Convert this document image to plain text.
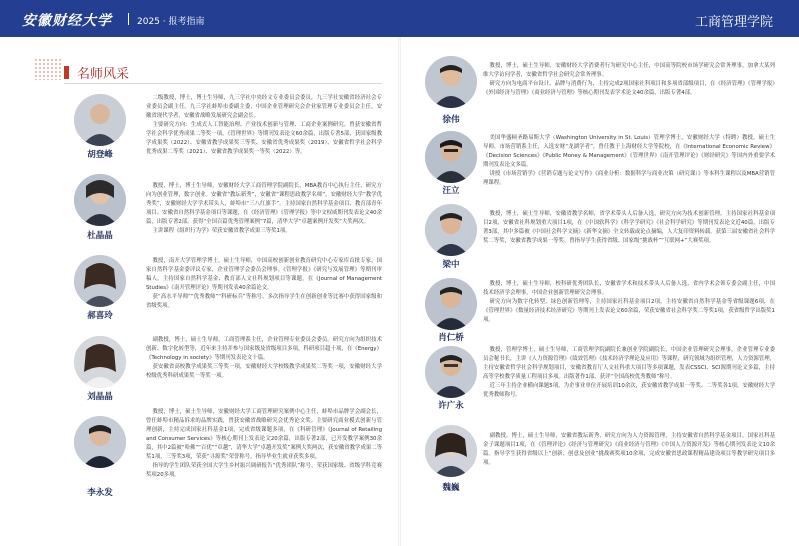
安徽财经大学	2025 · 报考指南	工商管理学院
名师风采
胡登峰

二级教授，博士，博士生导师，九三学社中央经文专业委员会委员，九三学社安徽省经济社会专业委员会副主任。九三学社蚌埠市委副主委，中国企业管理研究会企业家管理专业委员会主任，安徽省现代学者，安徽省战略发展研究会副会长。

主要研究方向：生成式人工智能治理、产业技术创新与管理、工商企业案例研究。曾获安徽省哲学社会科学优秀成果二等奖一项，《管理世界》等期刊发表论文60余篇，出版专著5部，获国家级教学成果奖（2022）、安徽省教学成果奖三等奖、安徽省优秀成果奖（2019）、安徽省哲学社会科学优秀成果二等奖（2021）、安徽省教学成果奖一等奖（2022）等。

杜晶晶

教授，博士，博士生导师，安徽财经大学工商管理学院副院长，MBA教育中心执行主任，研究方向为创业管理，数字创业。安徽省“教坛新秀”，安徽省“课程思政教学名师”，安徽财经大学“教学优秀奖”，安徽财经大学学术带头人，蚌埠市“三八红旗手”。主持国家自然科学基金项目、教育部青年项目、安徽省自然科学基金项目等课题，在《经济管理》《管理学报》等中文权威期刊发表论文40余篇，出版专著2部。获得“全国百篇优秀管理案例”7篇，清华大学“卓越案例开发奖”大奖两次。

主讲课程《组织行为学》荣获安徽省教学成果三等奖1项。

郝喜玲

教授，南开大学管理学博士，硕士生导师，中国高校创新创业教育研究中心专家库首批专家，国家自然科学基金委评议专家，企业管理学会委员会理事。《管理学报》《研究与发展管理》等期刊审稿人，主持国家自然科学基金、教育部人文社科规划项目等课题，在《Journal of Management Studies》《南开管理评论》等期刊发表40余篇论文。

获“高水平导师”“优秀教师”“科研标兵”等称号，多次指导学生在创新创业等比赛中获得国家级和省级奖项。

刘晶晶

副教授，博士，硕士生导师，工商管理系主任，企业管理专业委员会委员。研究方向为组织技术创新、数字化转型等，近年来主持并参与国家级及省级项目多项，科研项目超十项，在《Energy》《Technology in society》等期刊发表论文十篇。

获安徽省高校教学成果奖三等奖一项，安徽财经大学校级教学成果奖二等奖一项，安徽财经大学校级优秀科研成果奖一等奖一项。

李永发

教授，博士，硕士生导师，安徽财经大学工商管理研究案例中心主任，蚌埠市品牌学会副会长，曾任蚌埠市精品诉求的品牌实践，曾获安徽省战略研究会优秀论文奖。主要研究商业模式创新与管理创新，主持完成国家社科基金1项，完成省级课题多项，在《科研管理》《Journal of Retailing and Consumer Services》等核心期刊上发表论文20余篇，出版专著2部，已开发教学案例30余篇，其中2篇被“哈佛”“百优”“卓越”，清华大学“卓越开发奖”案例大奖两次，获安徽省教学成果二等奖1项，三等奖3项，荣获“寻源奖”荣誉称号，指导毕业生就业获奖多项。

指导的学生团队荣获全国大学生乡村振兴调研报告“优秀团队”称号，荣获国家级、省级学科竞赛奖项20多项。

徐伟

教授，博士，硕士生导师，安徽财经大学消费者行为研究中心主任，中国高等院校市场学研究会常务理事，加拿大某列维大学访问学者，安徽省哲学社会研究会常务理事。

研究方向为电商平台设计、品牌与消费行为，主持完成2项国家社科项目和多项省部级项目，在《经济管理》《管理学报》《外国经济与管理》《商业经济与管理》等核心期刊发表学术论文40余篇，出版专著4部。

汪立

美国华盛顿圣路易斯大学（Washington University in St. Louis）管理学博士，安徽财经大学（特聘）教授，硕士生导师，市场营销系主任，入选安财“龙湖学者”，曾任教于上海财经大学等院校，在《International Economic Review》《Decision Sciences》《Public Money & Management》《管理世界》《南开管理评论》《财经研究》等国内外重要学术期刊发表论文多篇。

讲授《市场营销学》《营销专题与论文写作》《商业分析：数据科学与商业决策（研究课）》等本科生课程以及MBA营销管理课程。

梁中

教授，博士，硕士生导师，安徽省教学名师，省学术带头人后备人选，研究方向为技术创新管理，主持国家社科基金项目2项，安徽省社科规划重大项目1项，在《中国软科学》《科学学研究》《社会科学研究》等期刊发表论文近40篇，出版专著3部，其中多篇被《中国社会科学文摘》《新华文摘》全文转载或论点摘编，人大复印资料转载。获第三届安徽省社会科学奖二等奖，安徽省教学成果一等奖。曾指导学生获得省级、国家级“挑战杯”“互联网+”大赛奖项。

肖仁桥

教授，博士，硕士生导师，校科研优秀团队长，安徽省学术和技术带头人后备人选，省内学术会领专委会副主任，中国技术经济学会理事，中国企业创新管理研究会理事。

研究方向为数字化转型、绿色创新管理等，主持国家社科基金项目2项，主持安徽省自然科学基金等省级课题6项，在《管理世界》《数量经济技术经济研究》等期刊上发表论文60余篇，荣获安徽省社会科学奖二等奖1项，获省级哲学出版奖1项。

许广永

教授，管理学博士，硕士生导师，工商管理学院副院长兼创业学院副院长，中国企业管理研究会理事，企业管理专业委员会秘书长，主讲《人力资源管理》《绩效管理》《技术经济学理论及应用》等课程，研究领域为组织管理，人力资源管理，主持安徽省哲学社会科学规划项目，安徽省教育厅人文社科重大项目等多项课题，发表CSSCI、SCI源期刊论文多篇，主持高等学校教学质量工程项目多项。出版著作1部，获评“全国高校优秀教师”称号。

近三年主持企业横向课题5项，为企事业单位开展培训10余次，获安徽省教学成果一等奖、二等奖各1项，安徽财经大学优秀教师称号。

魏巍

副教授，博士，硕士生导师，安徽省教坛新秀，研究方向为人力资源管理，主持安徽省自然科学基金项目，国家社科基金子课题项目1项，在《管理评论》《经济与管理研究》《商业经济与管理》《中国人力资源开发》等核心期刊发表论文10余篇。指导学生获得省级以上“创新、创意及创业”挑战赛奖项10余项，完成安徽省思政课程精品建设项目等教学研究项目多项。
